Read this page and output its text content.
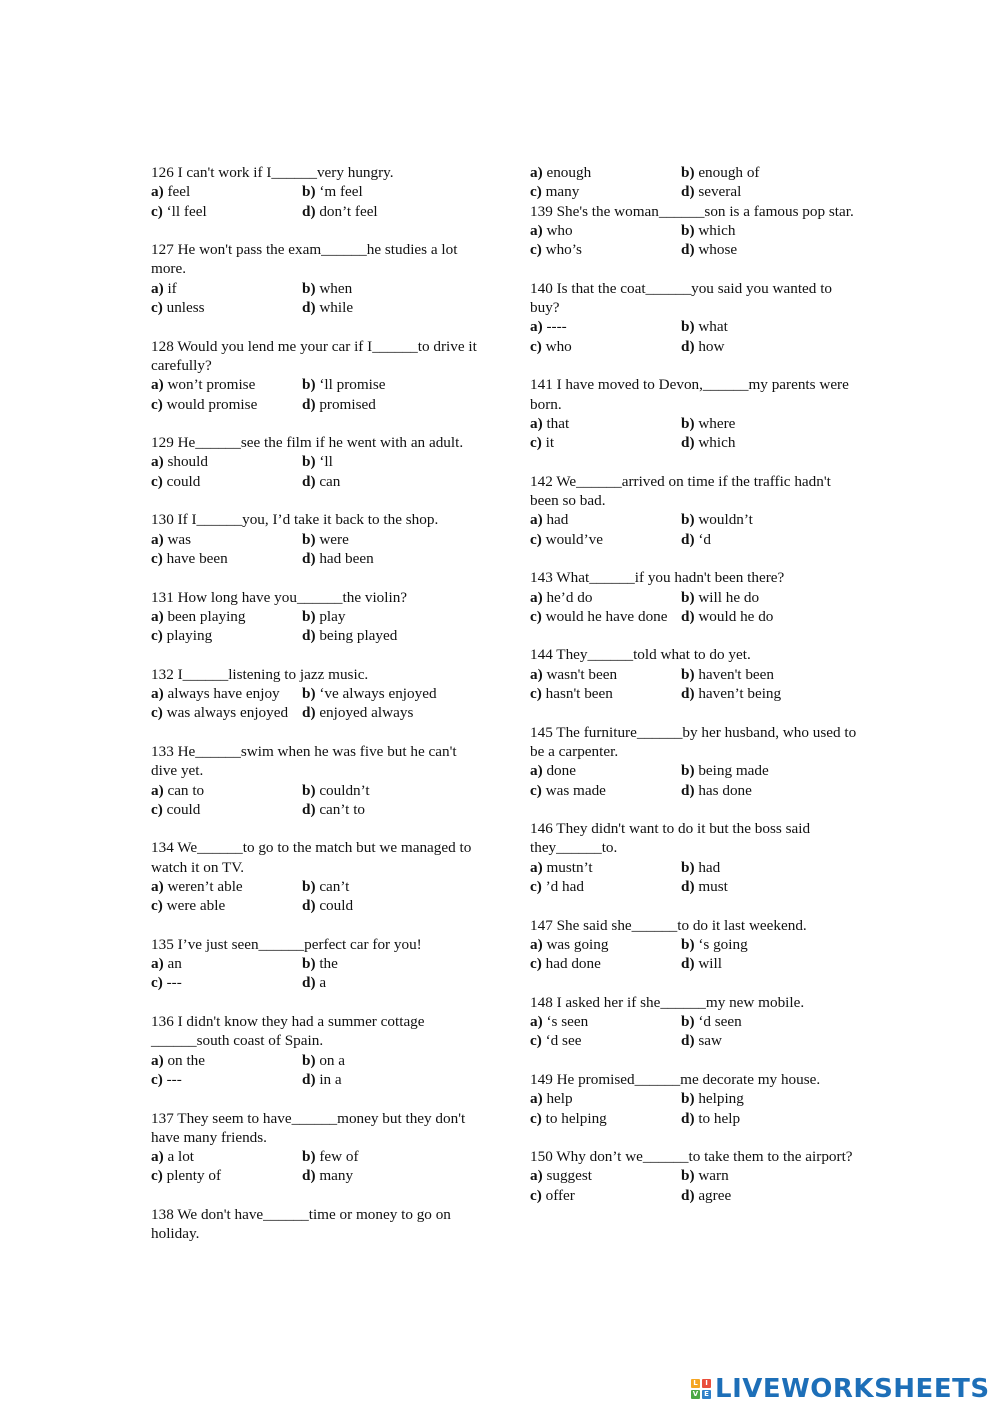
126 I can't work if I______very hungry.
a) feel	b) ‘m feel
c) ‘ll feel	d) don’t feel
127 He won't pass the exam______he studies a lot more.
a) if	b) when
c) unless	d) while
128 Would you lend me your car if I______to drive it carefully?
a) won’t promise	b) ‘ll promise
c) would promise	d) promised
129 He______see the film if he went with an adult.
a) should	b) ‘ll
c) could	d) can
130 If I______you, I’d take it back to the shop.
a) was	b) were
c) have been	d) had been
131 How long have you______the violin?
a) been playing	b) play
c) playing	d) being played
132 I______listening to jazz music.
a) always have enjoy	b) ‘ve always enjoyed
c) was always enjoyed d) enjoyed always
133 He______swim when he was five but he can't dive yet.
a) can to	b) couldn’t
c) could	d) can’t to
134 We______to go to the match but we managed to watch it on TV.
a) weren’t able	b) can’t
c) were able	d) could
135 I’ve just seen______perfect car for you!
a) an	b) the
c) ---	d) a
136 I didn't know they had a summer cottage ______south coast of Spain.
a) on the	b) on a
c) ---	d) in a
137 They seem to have______money but they don't have many friends.
a) a lot	b) few of
c) plenty of	d) many
138 We don't have______time or money to go on holiday.
a) enough	b) enough of
c) many	d) several
139 She's the woman______son is a famous pop star.
a) who	b) which
c) who’s	d) whose
140 Is that the coat______you said you wanted to buy?
a) ----	b) what
c) who	d) how
141 I have moved to Devon,______my parents were born.
a) that	b) where
c) it	d) which
142 We______arrived on time if the traffic hadn't been so bad.
a) had	b) wouldn’t
c) would’ve	d) ‘d
143 What______if you hadn't been there?
a) he’d do	b) will he do
c) would he have done d) would he do
144 They______told what to do yet.
a) wasn't been	b) haven't been
c) hasn't been	d) haven’t being
145 The furniture______by her husband, who used to be a carpenter.
a) done	b) being made
c) was made	d) has done
146 They didn't want to do it but the boss said they______to.
a) mustn’t	b) had
c) ’d had	d) must
147 She said she______to do it last weekend.
a) was going	b) ‘s going
c) had done	d) will
148 I asked her if she______my new mobile.
a) ‘s seen	b) ‘d seen
c) ‘d see	d) saw
149 He promised______me decorate my house.
a) help	b) helping
c) to helping	d) to help
150 Why don’t we______to take them to the airport?
a) suggest	b) warn
c) offer	d) agree
L	I
V E LIVEWORKSHEETS
